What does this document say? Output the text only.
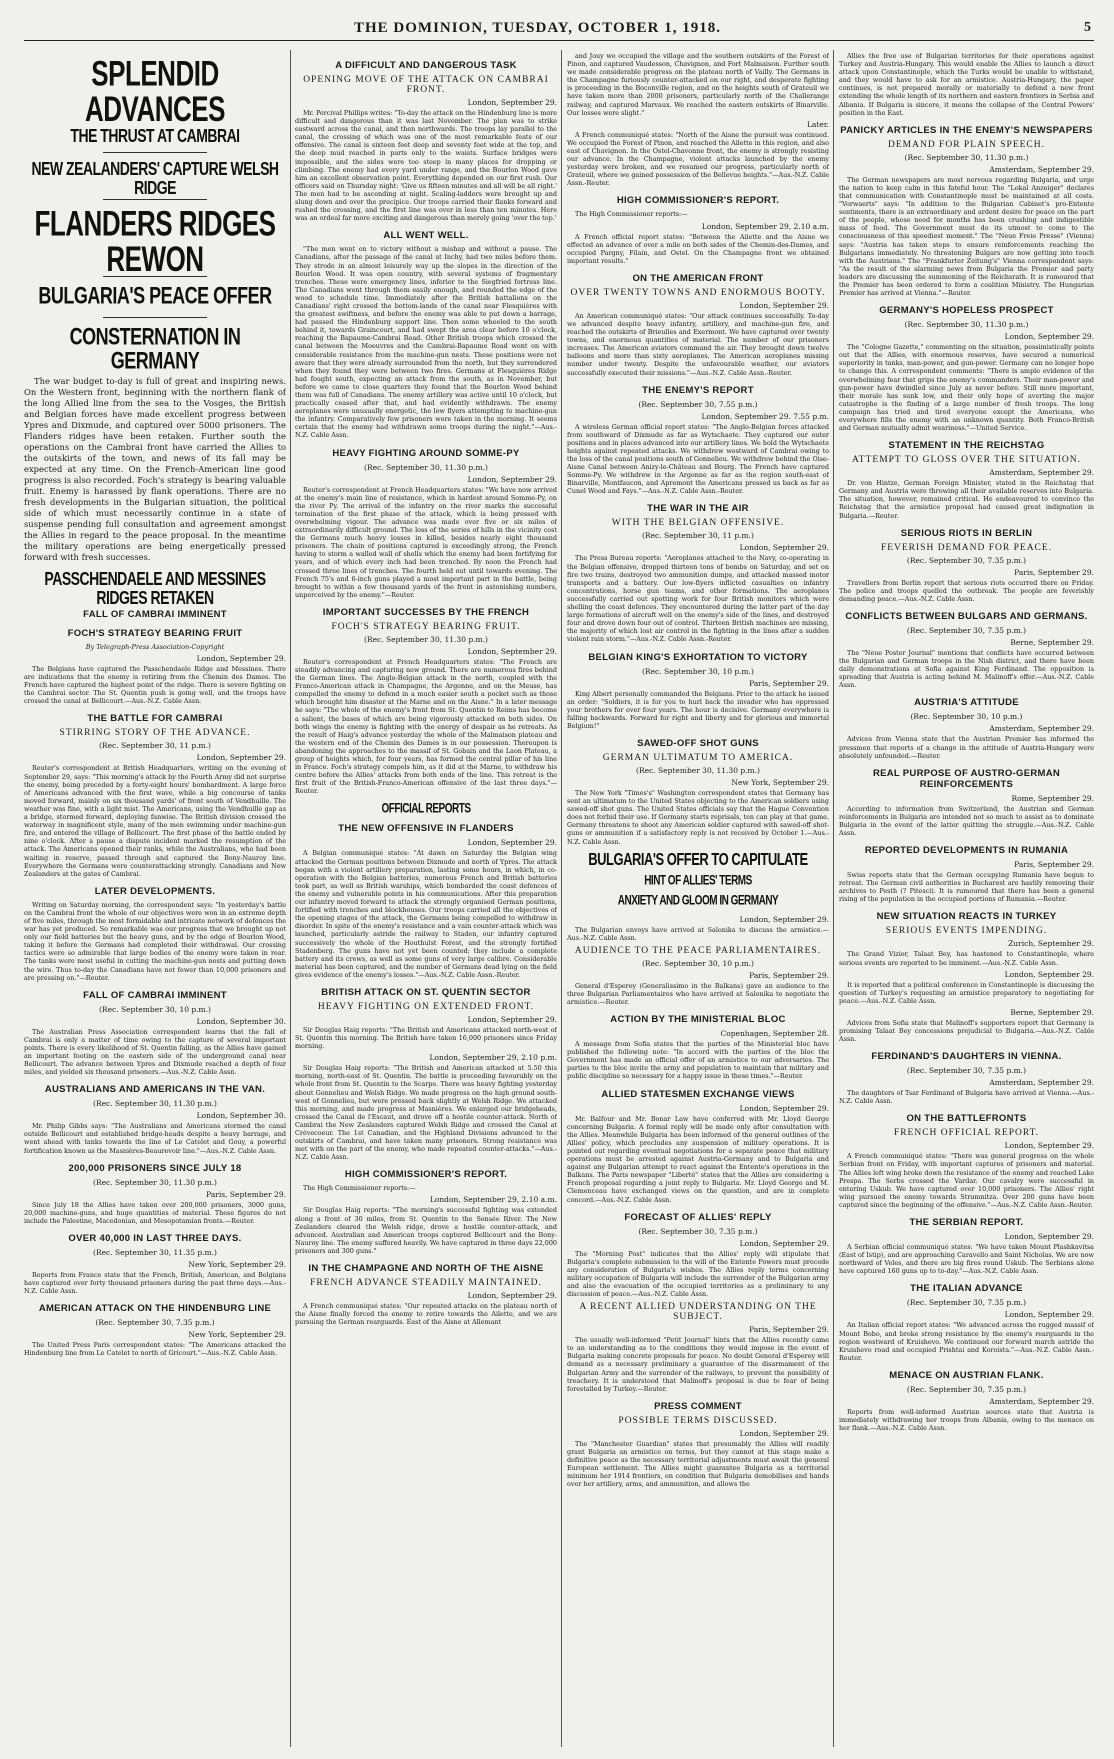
THE DOMINION, TUESDAY, OCTOBER 1, 1918.	5
SPLENDID ADVANCES
THE THRUST AT CAMBRAI
NEW ZEALANDERS' CAPTURE WELSH RIDGE
FLANDERS RIDGES REWON
BULGARIA'S PEACE OFFER
CONSTERNATION IN GERMANY

The war budget to-day is full of great and inspiring news. On the Western front, beginning with the northern flank of the long Allied line from the sea to the Vosges, the British and Belgian forces have made excellent progress between Ypres and Dixmude, and captured over 5000 prisoners. The Flanders ridges have been retaken. Further south the operations on the Cambrai front have carried the Allies to the outskirts of the town, and news of its fall may be expected at any time. On the French-American line good progress is also recorded. Foch's strategy is bearing valuable fruit. Enemy is harassed by flank operations. There are no fresh developments in the Bulgarian situation, the political side of which must necessarily continue in a state of suspense pending full consultation and agreement amongst the Allies in regard to the peace proposal. In the meantime the military operations are being energetically pressed forward with fresh successes.

PASSCHENDAELE AND MESSINES RIDGES RETAKEN
FALL OF CAMBRAI IMMINENT
FOCH'S STRATEGY BEARING FRUIT
By Telegraph-Press Association-Copyright
London, September 29.

The Belgians have captured the Passchendaele Ridge and Messines. There are indications that the enemy is retiring from the Chemin des Dames. The French have captured the highest point of the ridge. There is severe fighting on the Cambrai sector. The St. Quentin push is going well, and the troops have crossed the canal at Bellicourt.—Aus.-N.Z. Cable Assn.

THE BATTLE FOR CAMBRAI
STIRRING STORY OF THE ADVANCE.
(Rec. September 30, 11 p.m.)
London, September 29.

Reuter's correspondent at British Headquarters, writing on the evening of September 29, says: "This morning's attack by the Fourth Army did not surprise the enemy, being preceded by a forty-eight hours' bombardment. A large force of Americans advanced with the first wave, while a big concourse of tanks moved forward, mainly on six thousand yards' of front south of Vendhuille. The weather was fine, with a light mist. The Americans, using the Vendhuille gap as a bridge, stormed forward, deploying fanwise. The British division crossed the waterway in magnificent style, many of the men swimming under machine-gun fire, and entered the village of Bellicourt. The first phase of the battle ended by nine o'clock. After a pause a dispute incident marked the resumption of the attack. The Americans opened their ranks, while the Australians, who had been waiting in reserve, passed through and captured the Bony-Nauroy line. Everywhere the Germans were counterattacking strongly. Canadians and New Zealanders at the gates of Cambrai.

LATER DEVELOPMENTS.

Writing on Saturday morning, the correspondent says: "In yesterday's battle on the Cambrai front the whole of our objectives were won in an extreme depth of five miles, through the most formidable and intricate network of defences the war has yet produced. So remarkable was our progress that we brought up not only our field batteries but the heavy guns, and by the edge of Bourlon Wood, taking it before the Germans had completed their withdrawal. Our crossing tactics were so admirable that large bodies of the enemy were taken in rear. The tanks were most useful in cutting the machine-gun nests and putting down the wire. Thus to-day the Canadians have not fewer than 10,000 prisoners and are pressing on."—Reuter.

FALL OF CAMBRAI IMMINENT
(Rec. September 30, 10 p.m.)
London, September 30.

The Australian Press Association correspondent learns that the fall of Cambrai is only a matter of time owing to the capture of several important points. There is every likelihood of St. Quentin falling, as the Allies have gained an important footing on the eastern side of the underground canal near Bellicourt. The advance between Ypres and Dixmude reached a depth of four miles, and yielded six thousand prisoners.—Aus.-N.Z. Cable Assn.

AUSTRALIANS AND AMERICANS IN THE VAN.
(Rec. September 30, 11.30 p.m.)
London, September 30.

Mr. Philip Gibbs says: "The Australians and Americans stormed the canal outside Bellicourt and established bridge-heads despite a heavy barrage, and went ahead with tanks towards the line of Le Catelet and Gouy, a powerful fortification known as the Masnières-Beaurevoir line."—Aus.-N.Z. Cable Assn.

200,000 PRISONERS SINCE JULY 18
(Rec. September 30, 11.30 p.m.)
Paris, September 29.

Since July 18 the Allies have taken over 200,000 prisoners, 3000 guns, 20,000 machine-guns, and huge quantities of material. These figures do not include the Palestine, Macedonian, and Mesopotamian fronts.—Reuter.

OVER 40,000 IN LAST THREE DAYS.
(Rec. September 30, 11.35 p.m.)
New York, September 29.

Reports from France state that the French, British, American, and Belgians have captured over forty thousand prisoners during the past three days.—Aus.-N.Z. Cable Assn.

AMERICAN ATTACK ON THE HINDENBURG LINE
(Rec. September 30, 7.35 p.m.)
New York, September 29.

The United Press Paris correspondent states: "The Americans attacked the Hindenburg line from Le Catelet to north of Gricourt."—Aus.-N.Z. Cable Assn.

A DIFFICULT AND DANGEROUS TASK
OPENING MOVE OF THE ATTACK ON CAMBRAI FRONT.
London, September 29.

Mr. Percival Phillips writes: "To-day the attack on the Hindenburg line is more difficult and dangerous than it was last November. The plan was to strike eastward across the canal, and then northwards. The troops lay parallel to the canal, the crossing of which was one of the most remarkable feats of our offensive. The canal is sixteen feet deep and seventy feet wide at the top, and the deep mud reached in parts only to the waists. Surface bridges were impossible, and the sides were too steep in many places for dropping or climbing. The enemy had every yard under range, and the Bourlon Wood gave him an excellent observation point. Everything depended on our first rush. Our officers said on Thursday night: 'Give us fifteen minutes and all will be all right.' The men had to be ascending at night. Scaling-ladders were brought up and slung down and over the precipice. Our troops carried their flanks forward and rushed the crossing, and the first line was over in less than ten minutes. Here was an ordeal far more exciting and dangerous than merely going 'over the top.'

ALL WENT WELL.

"The men went on to victory without a mishap and without a pause. The Canadians, after the passage of the canal at Inchy, had two miles before them. They strode in an almost leisurely way up the slopes in the direction of the Bourlon Wood. It was open country, with several systems of fragmentary trenches. These were emergency lines, inferior to the Siegfried fortress line. The Canadians went through them easily enough, and rounded the edge of the wood to schedule time. Immediately after the British battalions on the Canadians' right crossed the bottom-lands of the canal near Flesquières with the greatest swiftness, and before the enemy was able to put down a barrage, had passed the Hindenburg support line. Then some wheeled to the south behind it, towards Graincourt, and had swept the area clear before 10 o'clock, reaching the Bapaume-Cambrai Road. Other British troops which crossed the canal between the Moeuvres and the Cambrai-Bapaume Road went on with considerable resistance from the machine-gun nests. These positions were not aware that they were already surrounded from the north, but they surrendered when they found they were between two fires. Germans at Flesquières Ridge had fought south, expecting an attack from the south, as in November, but before we came to close quarters they found that the Bourlon Wood behind them was full of Canadians. The enemy artillery was active until 10 o'clock, but practically ceased after that, and had evidently withdrawn. The enemy aeroplanes were unusually energetic, the low flyers attempting to machine-gun the infantry. Comparatively few prisoners were taken in the morning. It seems certain that the enemy had withdrawn some troops during the night."—Aus.-N.Z. Cable Assn.

HEAVY FIGHTING AROUND SOMME-PY
(Rec. September 30, 11.30 p.m.)
London, September 29.

Reuter's correspondent at French Headquarters states: "We have now arrived at the enemy's main line of resistance, which in hardest around Somme-Py, on the river Py. The arrival of the infantry on the river marks the successful termination of the first phase of the attack, which is being pressed with overwhelming vigour. The advance was made over five or six miles of extraordinarily difficult ground. The loss of the series of hills in the vicinity cost the Germans much heavy losses in killed, besides nearly eight thousand prisoners. The chain of positions captured is exceedingly strong, the French having to storm a walled wall of shells which the enemy had been fortifying for years, and of which every inch had been trenched. By noon the French had crossed three lines of trenches. The fourth held out until towards evening. The French 75's and 6-inch guns played a most important part in the battle, being brought to within a few thousand yards of the front in astonishing numbers, unperceived by the enemy."—Reuter.

IMPORTANT SUCCESSES BY THE FRENCH
FOCH'S STRATEGY BEARING FRUIT.
(Rec. September 30, 11.30 p.m.)
London, September 29.

Reuter's correspondent at French Headquarters states: "The French are steadily advancing and capturing new ground. There are numerous fires behind the German lines. The Anglo-Belgian attack in the north, coupled with the Franco-American attack in Champagne, the Argonne, and on the Meuse, has compelled the enemy to defend in a much easier south a pocket such as those which brought him disaster at the Marne and on the Aisne." In a later message he says: "The whole of the enemy's front from St. Quentin to Reims has become a salient, the bases of which are being vigorously attacked on both sides. On both wings the enemy is fighting with the energy of despair as he retreats. As the result of Haig's advance yesterday the whole of the Malmaison plateau and the western end of the Chemin des Dames is in our possession. Thereupon is abandoning the approaches to the massif of St. Gobain and the Laon Plateau, a group of heights which, for four years, has formed the central pillar of his line in France. Foch's strategy compels him, as it did at the Marne, to withdraw his centre before the Allies' attacks from both ends of the line. This retreat is the first fruit of the British-Franco-American offensive of the last three days."—Reuter.

OFFICIAL REPORTS
THE NEW OFFENSIVE IN FLANDERS
London, September 29.

A Belgian communiqué states: "At dawn on Saturday the Belgian wing attacked the German positions between Dixmude and north of Ypres. The attack began with a violent artillery preparation, lasting some hours, in which, in co-operation with the Belgian batteries, numerous French and British batteries took part, as well as British warships, which bombarded the coast defences of the enemy and vulnerable points in his communications. After this preparation our infantry moved forward to attack the strongly organised German positions, fortified with trenches and blockhouses. Our troops carried all the objectives of the opening stages of the attack, the Germans being compelled to withdraw in disorder. In spite of the enemy's resistance and a vain counter-attack which was launched, particularly astride the railway to Staden, our infantry captured successively the whole of the Houthulst Forest, and the strongly fortified Stadenberg. The guns have not yet been counted; they include a complete battery and its crews, as well as some guns of very large calibre. Considerable material has been captured, and the number of Germans dead lying on the field gives evidence of the enemy's losses."—Aus.-N.Z. Cable Assn.-Reuter.

BRITISH ATTACK ON ST. QUENTIN SECTOR
HEAVY FIGHTING ON EXTENDED FRONT.
London, September 29.

Sir Douglas Haig reports: "The British and Americans attacked north-west of St. Quentin this morning. The British have taken 16,000 prisoners since Friday morning.

London, September 29, 2.10 p.m.

Sir Douglas Haig reports: "The British and American attacked at 5.50 this morning, north-east of St. Quentin. The battle is proceeding favourably on the whole front from St. Quentin to the Scarpe. There was heavy fighting yesterday about Gonnelieu and Welsh Ridge. We made progress on the high ground south-west of Gonnelieu, but were pressed back slightly at Welsh Ridge. We attacked this morning, and made progress at Masnières. We enlarged our bridgeheads, crossed the Canal de l'Escaut, and drove off a hostile counter-attack. North of Cambrai the New Zealanders captured Welsh Ridge and crossed the Canal at Crèvecoeur. The 1st Canadian, and the Highland Divisions advanced to the outskirts of Cambrai, and have taken many prisoners. Strong resistance was met with on the part of the enemy, who made repeated counter-attacks."—Aus.-N.Z. Cable Assn.

HIGH COMMISSIONER'S REPORT.

The High Commissioner reports:—

London, September 29, 2.10 a.m.

Sir Douglas Haig reports: "The morning's successful fighting was extended along a front of 30 miles, from St. Quentin to the Sensée River. The New Zealanders cleared the Welsh ridge, drove a hostile counter-attack, and advanced. Australian and American troops captured Bellicourt and the Bony-Nauroy line. The enemy suffered heavily. We have captured in three days 22,000 prisoners and 300 guns."

IN THE CHAMPAGNE AND NORTH OF THE AISNE
FRENCH ADVANCE STEADILY MAINTAINED.
London, September 29.

A French communiqué states: "Our repeated attacks on the plateau north of the Aisne finally forced the enemy to retire towards the Ailette, and we are pursuing the German rearguards. East of the Aisne at Allemant

and Jouy we occupied the village and the southern outskirts of the Forest of Pinon, and captured Vaudesson, Chavignon, and Fort Malmaison. Further south we made considerable progress on the plateau north of Vailly. The Germans in the Champagne furiously counter-attacked on our right, and desperate fighting is proceeding in the Boconville region, and on the heights south of Grateuil we have taken more than 2000 prisoners, particularly north of the Challerange railway, and captured Marvaux. We reached the eastern outskirts of Binarville. Our losses were slight."

Later.

A French communiqué states: "North of the Aisne the pursuit was continued. We occupied the Forest of Pinon, and reached the Ailette in this region, and also east of Chavignon. In the Ostel-Chavonne front, the enemy is strongly resisting our advance. In the Champagne, violent attacks launched by the enemy yesterday were broken, and we resumed our progress, particularly north of Grateuil, where we gained possession of the Bellevue heights."—Aus.-N.Z. Cable Assn.-Reuter.

HIGH COMMISSIONER'S REPORT.

The High Commissioner reports:—

London, September 29, 2.10 a.m.

A French official report states: "Between the Ailette and the Aisne we effected an advance of over a mile on both sides of the Chemin-des-Dames, and occupied Pargny, Filain, and Ostel. On the Champagne front we obtained important results."

ON THE AMERICAN FRONT
OVER TWENTY TOWNS AND ENORMOUS BOOTY.
London, September 29.

An American communiqué states: "Our attack continues successfully. To-day we advanced despite heavy infantry, artillery, and machine-gun fire, and reached the outskirts of Brieulles and Exermont. We have captured over twenty towns, and enormous quantities of material. The number of our prisoners increases. The American aviators command the air. They brought down twelve balloons and more than sixty aeroplanes. The American aeroplanes missing number under twenty. Despite the unfavourable weather, our aviators successfully executed their missions."—Aus.-N.Z. Cable Assn.-Reuter.

THE ENEMY'S REPORT
(Rec. September 30, 7.55 p.m.)
London, September 29. 7.55 p.m.

A wireless German official report states: "The Anglo-Belgian forces attacked from southward of Dixmude as far as Wytschaete. They captured our outer positions and in places advanced into our artillery lines. We hold the Wytschaete heights against repeated attacks. We withdrew westward of Cambrai owing to the loss of the canal positions south of Gonnelieu. We withdrew behind the Oise-Aisne Canal between Anizy-le-Château and Bourg. The French have captured Somme-Py. We withdrew in the Argonne as far as the region south-east of Binarville, Montfaucon, and Apremont the Americans pressed us back as far as Cunel Wood and Fays."—Aus.-N.Z. Cable Assn.-Reuter.

THE WAR IN THE AIR
WITH THE BELGIAN OFFENSIVE.
(Rec. September 30, 11 p.m.)
London, September 29.

The Press Bureau reports: "Aeroplanes attached to the Navy, co-operating in the Belgian offensive, dropped thirteen tons of bombs on Saturday, and set on fire two trains, destroyed two ammunition dumps, and attacked massed motor transports and a battery. Our low-flyers inflicted casualties on infantry concentrations, horse gun teams, and other formations. The aeroplanes successfully carried out spotting work for four British monitors which were shelling the coast defences. They encountered during the latter part of the day large formations of aircraft well on the enemy's side of the lines, and destroyed four and drove down four out of control. Thirteen British machines are missing, the majority of which lost air control in the fighting in the lines after a sudden violent rain storm."—Aus.-N.Z. Cable Assn.-Reuter.

BELGIAN KING'S EXHORTATION TO VICTORY
(Rec. September 30, 10 p.m.)
Paris, September 29.

King Albert personally commanded the Belgians. Prior to the attack he issued an order: "Soldiers, it is for you to hurl back the invader who has oppressed your brothers for over four years. The hour is decisive. Germany everywhere is falling backwards. Forward for right and liberty and for glorious and immortal Belgium!"

SAWED-OFF SHOT GUNS
GERMAN ULTIMATUM TO AMERICA.
(Rec. September 30, 11.30 p.m.)
New York, September 29.

The New York "Times's" Washington correspondent states that Germany has sent an ultimatum to the United States objecting to the American soldiers using sawed-off shot guns. The United States officials say that the Hague Convention does not forbid their use. If Germany starts reprisals, ten can play at that game. Germany threatens to shoot any American soldier captured with sawed-off shot-guns or ammunition if a satisfactory reply is not received by October 1.—Aus.-N.Z. Cable Assn.

BULGARIA'S OFFER TO CAPITULATE
HINT OF ALLIES' TERMS
ANXIETY AND GLOOM IN GERMANY
London, September 29.

The Bulgarian envoys have arrived at Salonika to discuss the armistice.—Aus.-N.Z. Cable Assn.

AUDIENCE TO THE PEACE PARLIAMENTAIRES.
(Rec. September 30, 10 p.m.)
Paris, September 29.

General d'Esperey (Generalissimo in the Balkans) gave an audience to the three Bulgarian Parliamentaires who have arrived at Salonika to negotiate the armistice.—Reuter.

ACTION BY THE MINISTERIAL BLOC
Copenhagen, September 28.

A message from Sofia states that the parties of the Ministerial bloc have published the following note: "In accord with the parties of the bloc the Government has made an official offer of an armistice to our adversaries. The parties to the bloc invite the army and population to maintain that military and public discipline so necessary for a happy issue in these times."—Reuter.

ALLIED STATESMEN EXCHANGE VIEWS
London, September 29.

Mr. Balfour and Mr. Bonar Law have conferred with Mr. Lloyd George concerning Bulgaria. A formal reply will be made only after consultation with the Allies. Meanwhile Bulgaria has been informed of the general outlines of the Allies' policy, which precludes any suspension of military operations. It is pointed out regarding eventual negotiations for a separate peace that military operations must be arrested against Austria-Germany and to Bulgaria and against any Bulgarian attempt to react against the Entente's operations in the Balkans. The Paris newspaper "Liberté" states that the Allies are considering a French proposal regarding a joint reply to Bulgaria. Mr. Lloyd George and M. Clemenceau have exchanged views on the question, and are in complete concord.—Aus.-N.Z. Cable Assn.

FORECAST OF ALLIES' REPLY
(Rec. September 30, 7.35 p.m.)
London, September 29.

The "Morning Post" indicates that the Allies' reply will stipulate that Bulgaria's complete submission to the will of the Entente Powers must precede any consideration of Bulgaria's wishes. The Allies reply terms concerning military occupation of Bulgaria will include the surrender of the Bulgarian army and also the evacuation of the occupied territories as a preliminary to any discussion of peace.—Aus.-N.Z. Cable Assn.

A RECENT ALLIED UNDERSTANDING ON THE SUBJECT.
Paris, September 29.

The usually well-informed "Petit Journal" hints that the Allies recently came to an understanding as to the conditions they would impose in the event of Bulgaria making concrete proposals for peace. No doubt General d'Esperey will demand as a necessary preliminary a guarantee of the disarmament of the Bulgarian Army and the surrender of the railways, to prevent the possibility of treachery. It is understood that Malinoff's proposal is due to fear of being forestalled by Turkey.—Reuter.

PRESS COMMENT
POSSIBLE TERMS DISCUSSED.
London, September 29.

The "Manchester Guardian" states that presumably the Allies will readily grant Bulgaria an armistice on terms, but they cannot at this stage make a definitive peace as the necessary territorial adjustments must await the general European settlement. The Allies might guarantee Bulgaria as a territorial minimum her 1914 frontiers, on condition that Bulgaria demobilises and hands over her artillery, arms, and ammunition, and allows the

Allies the free use of Bulgarian territories for their operations against Turkey and Austria-Hungary. This would enable the Allies to launch a direct attack upon Constantinople, which the Turks would be unable to withstand, and they would have to ask for an armistice. Austria-Hungary, the paper continues, is not prepared morally or materially to defend a new front extending the whole length of its northern and eastern frontiers in Serbia and Albania. If Bulgaria is sincere, it means the collapse of the Central Powers' position in the East.

PANICKY ARTICLES IN THE ENEMY'S NEWSPAPERS
DEMAND FOR PLAIN SPEECH.
(Rec. September 30, 11.30 p.m.)
Amsterdam, September 29.

The German newspapers are most nervous regarding Bulgaria, and urge the nation to keep calm in this fateful hour. The "Lokal Anzeiger" declares that communication with Constantinople must be maintained at all costs. "Vorwaerts" says: "In addition to the Bulgarian Cabinet's pro-Entente sentiments, there is an extraordinary and ardent desire for peace on the part of the people, whose need for months has been crushing and indigestible mass of food. The Government must do its utmost to come to the consciousness of this speediest moment." The "Neue Freie Presse" (Vienna) says: "Austria has taken steps to ensure reinforcements reaching the Bulgarians immediately. No threatening Bulgars are now getting into touch with the Austrians." The "Frankfurter Zeitung's" Vienna correspondent says: "As the result of the alarming news from Bulgaria the Premier and party leaders are discussing the summoning of the Reichsrath. It is rumoured that the Premier has been ordered to form a coalition Ministry. The Hungarian Premier has arrived at Vienna."—Reuter.

GERMANY'S HOPELESS PROSPECT
(Rec. September 30, 11.30 p.m.)
London, September 29.

The "Cologne Gazette," commenting on the situation, pessimistically points out that the Allies, with enormous reserves, have secured a numerical superiority in tanks, man-power, and gun-power. Germany can no longer hope to change this. A correspondent comments: "There is ample evidence of the overwhelming fear that grips the enemy's commanders. Their man-power and gun-power have dwindled since July as never before. Still more important, their morale has sunk low, and their only hope of averting the major catastrophe is the finding of a large number of fresh troops. The long campaign has tried and tired everyone except the Americans, who everywhere fills the enemy with an unknown quantity. Both Franco-British and German mutually admit weariness."—United Service.

STATEMENT IN THE REICHSTAG
ATTEMPT TO GLOSS OVER THE SITUATION.
Amsterdam, September 29.

Dr. von Hintze, German Foreign Minister, stated in the Reichstag that Germany and Austria were throwing all their available reserves into Bulgaria. The situation, however, remained critical. He endeavoured to convince the Reichstag that the armistice proposal had caused great indignation in Bulgaria.—Reuter.

SERIOUS RIOTS IN BERLIN
FEVERISH DEMAND FOR PEACE.
(Rec. September 30, 7.35 p.m.)
Paris, September 29.

Travellers from Berlin report that serious riots occurred there on Friday. The police and troops quelled the outbreak. The people are feverishly demanding peace.—Aus.-N.Z. Cable Assn.

CONFLICTS BETWEEN BULGARS AND GERMANS.
(Rec. September 30, 7.35 p.m.)
Berne, September 29.

The "Neue Poster Journal" mentions that conflicts have occurred between the Bulgarian and German troops in the Nish district, and there have been daily demonstrations at Sofia against King Ferdinand. The opposition is spreading that Austria is acting behind M. Malinoff's offer.—Aus.-N.Z. Cable Assn.

AUSTRIA'S ATTITUDE
(Rec. September 30, 10 p.m.)
Amsterdam, September 29.

Advices from Vienna state that the Austrian Premier has informed the pressmen that reports of a change in the attitude of Austria-Hungary were absolutely unfounded.—Reuter.

REAL PURPOSE OF AUSTRO-GERMAN REINFORCEMENTS
Rome, September 29.

According to information from Switzerland, the Austrian and German reinforcements in Bulgaria are intended not so much to assist as to dominate Bulgaria in the event of the latter quitting the struggle.—Aus.-N.Z. Cable Assn.

REPORTED DEVELOPMENTS IN RUMANIA
Paris, September 29.

Swiss reports state that the German occupying Rumania have begun to retreat. The German civil authorities in Bucharest are hastily removing their archives to Pesth (? Pitesci). It is rumoured that there has been a general rising of the population in the occupied portions of Rumania.—Reuter.

NEW SITUATION REACTS IN TURKEY
SERIOUS EVENTS IMPENDING.
Zurich, September 29.

The Grand Vizier, Talaat Bey, has hastened to Constantinople, where serious events are reported to be imminent.—Aus.-N.Z. Cable Assn.

London, September 29.

It is reported that a political conference in Constantinople is discussing the question of Turkey's requesting an armistice preparatory to negotiating for peace.—Aus.-N.Z. Cable Assn.

Berne, September 29.

Advices from Sofia state that Malinoff's supporters report that Germany is promising Talaat Bey concessions prejudicial to Bulgaria.—Aus.-N.Z. Cable Assn.

FERDINAND'S DAUGHTERS IN VIENNA.
(Rec. September 30, 7.35 p.m.)
Amsterdam, September 29.

The daughters of Tsar Ferdinand of Bulgaria have arrived at Vienna.—Aus.-N.Z. Cable Assn.

ON THE BATTLEFRONTS
FRENCH OFFICIAL REPORT.
London, September 29.

A French communiqué states: "There was general progress on the whole Serbian front on Friday, with important captures of prisoners and material. The Allies left wing broke down the resistance of the enemy and reached Lake Prespa. The Serbs crossed the Vardar. Our cavalry were successful in entering Uskub. We have captured over 10,000 prisoners. The Allies' right wing pursued the enemy towards Strumnitza. Over 200 guns have been captured since the beginning of the offensive."—Aus.-N.Z. Cable Assn.-Reuter.

THE SERBIAN REPORT.
London, September 29.

A Serbian official communiqué states: "We have taken Mount Plashkavitsa (East of Istip), and are approaching Caravello and Saint Nicholas. We are now northward of Veles, and there are big fires round Uskub. The Serbians alone have captured 160 guns up to to-day."—Aus.-N.Z. Cable Assn.

THE ITALIAN ADVANCE
(Rec. September 30, 7.35 p.m.)
London, September 29.

An Italian official report states: "We advanced across the rugged massif of Mount Bobo, and broke strong resistance by the enemy's rearguards in the region westward of Kruishevo. We continued our forward march astride the Kruishevo road and occupied Prishtai and Koroista."—Aus.-N.Z. Cable Assn.-Reuter.

MENACE ON AUSTRIAN FLANK.
(Rec. September 30, 7.35 p.m.)
Amsterdam, September 29.

Reports from well-informed Austrian sources state that Austria is immediately withdrawing her troops from Albania, owing to the menace on her flank.—Aus.-N.Z. Cable Assn.
